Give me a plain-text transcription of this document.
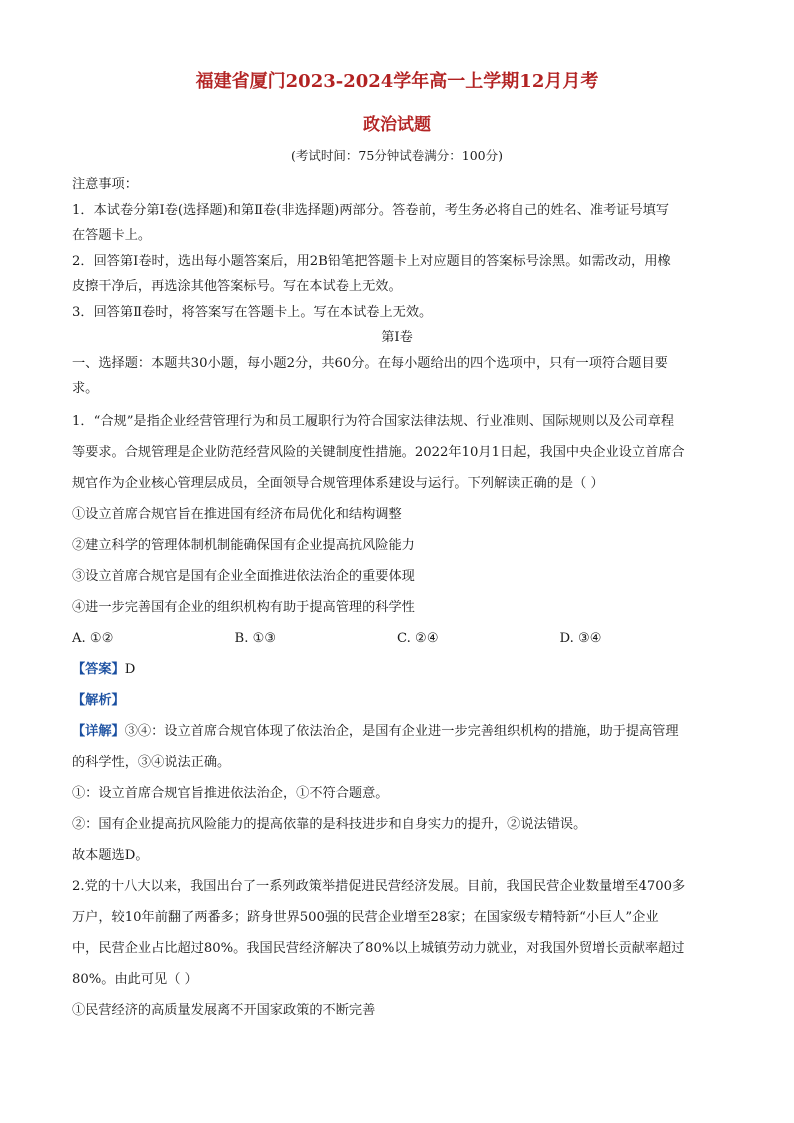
福建省厦门2023-2024学年高一上学期12月月考
政治试题
(考试时间：75分钟试卷满分：100分)

注意事项：

1．本试卷分第Ⅰ卷(选择题)和第Ⅱ卷(非选择题)两部分。答卷前，考生务必将自己的姓名、准考证号填写

在答题卡上。

2．回答第Ⅰ卷时，选出每小题答案后，用2B铅笔把答题卡上对应题目的答案标号涂黑。如需改动，用橡

皮擦干净后，再选涂其他答案标号。写在本试卷上无效。

3．回答第Ⅱ卷时，将答案写在答题卡上。写在本试卷上无效。

第Ⅰ卷

一、选择题：本题共30小题，每小题2分，共60分。在每小题给出的四个选项中，只有一项符合题目要

求。

1．“合规”是指企业经营管理行为和员工履职行为符合国家法律法规、行业准则、国际规则以及公司章程

等要求。合规管理是企业防范经营风险的关键制度性措施。2022年10月1日起，我国中央企业设立首席合

规官作为企业核心管理层成员，全面领导合规管理体系建设与运行。下列解读正确的是（ ）

①设立首席合规官旨在推进国有经济布局优化和结构调整

②建立科学的管理体制机制能确保国有企业提高抗风险能力

③设立首席合规官是国有企业全面推进依法治企的重要体现

④进一步完善国有企业的组织机构有助于提高管理的科学性

A. ①②	B. ①③	C. ②④	D. ③④

【答案】D

【解析】

【详解】③④：设立首席合规官体现了依法治企，是国有企业进一步完善组织机构的措施，助于提高管理

的科学性，③④说法正确。

①：设立首席合规官旨推进依法治企，①不符合题意。

②：国有企业提高抗风险能力的提高依靠的是科技进步和自身实力的提升，②说法错误。

故本题选D。

2.党的十八大以来，我国出台了一系列政策举措促进民营经济发展。目前，我国民营企业数量增至4700多

万户，较10年前翻了两番多；跻身世界500强的民营企业增至28家；在国家级专精特新“小巨人”企业

中，民营企业占比超过80%。我国民营经济解决了80%以上城镇劳动力就业，对我国外贸增长贡献率超过

80%。由此可见（ ）

①民营经济的高质量发展离不开国家政策的不断完善
